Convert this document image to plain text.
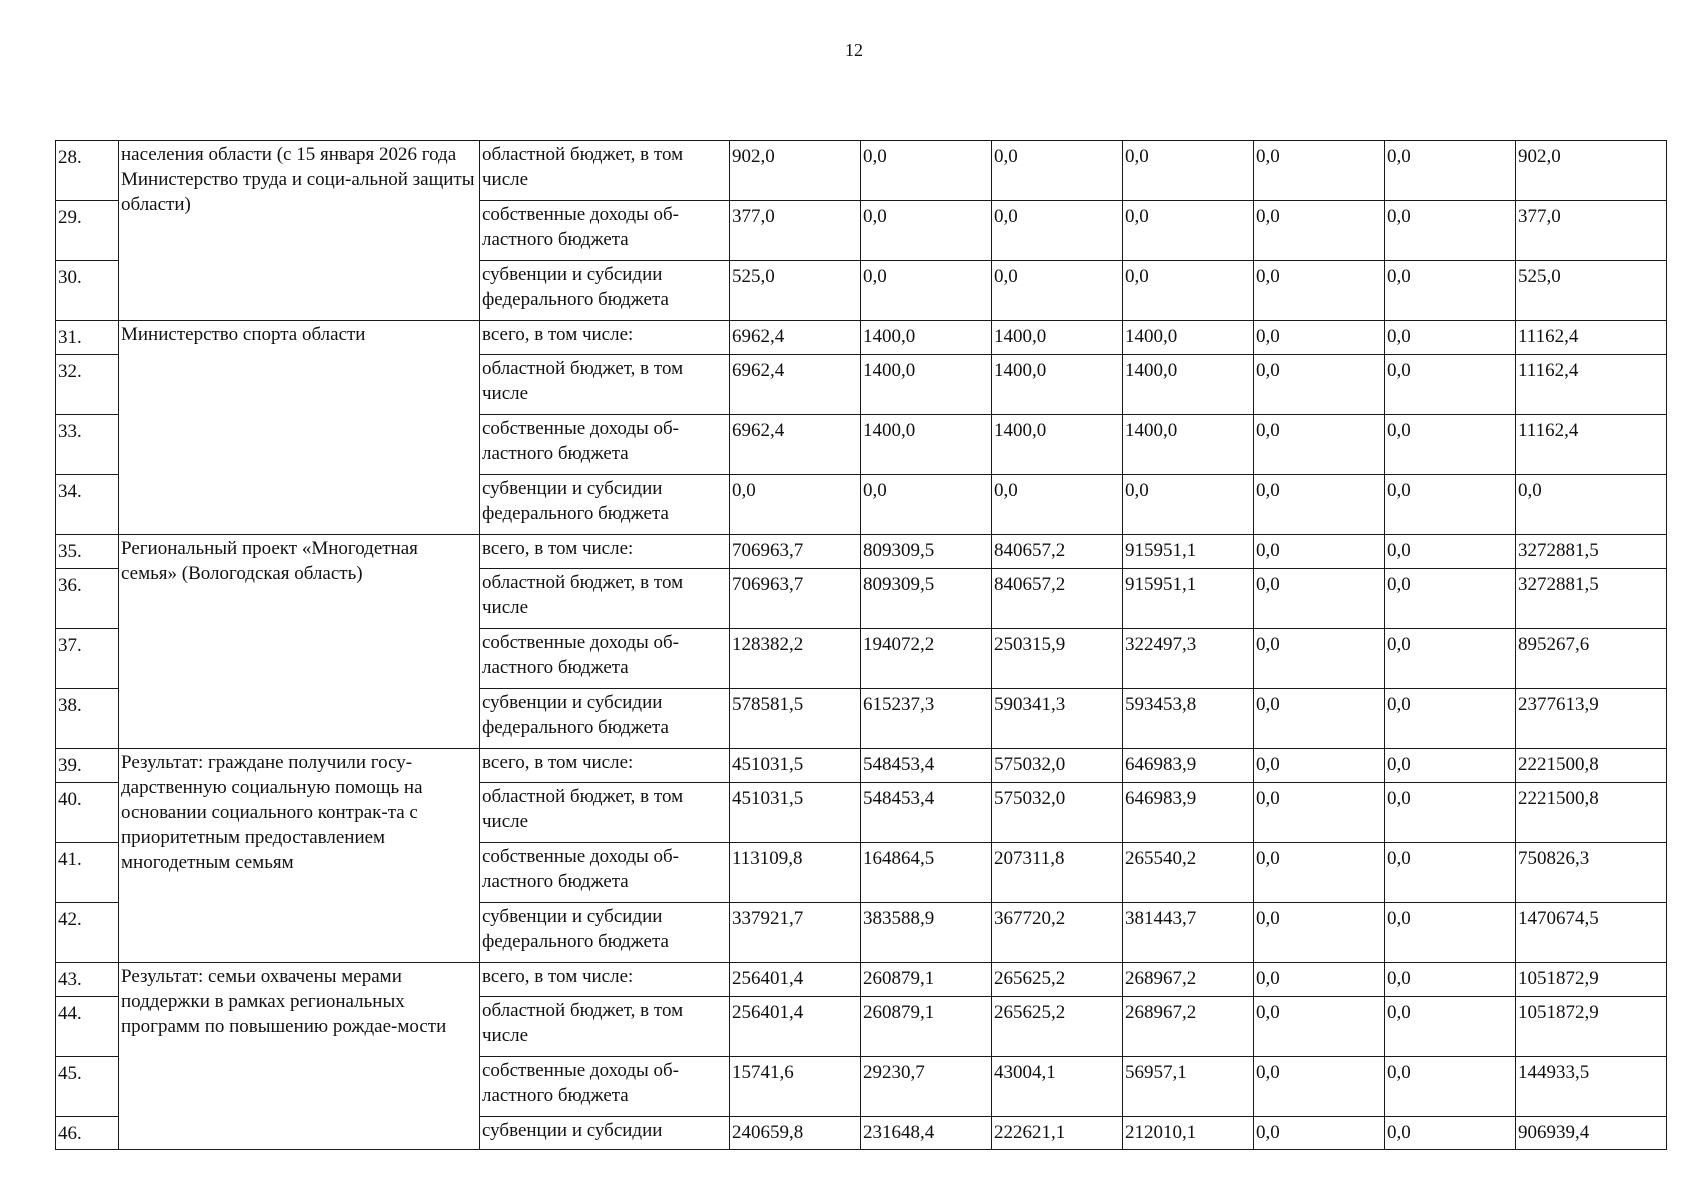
12
28.	населения области (с 15 января 2026 года Министерство труда и соци-альной защиты области)	областной бюджет, в том числе	902,0	0,0	0,0	0,0	0,0	0,0	902,0
29.		собственные доходы об-ластного бюджета	377,0	0,0	0,0	0,0	0,0	0,0	377,0
30.		субвенции и субсидии федерального бюджета	525,0	0,0	0,0	0,0	0,0	0,0	525,0
31.	Министерство спорта области	всего, в том числе:	6962,4	1400,0	1400,0	1400,0	0,0	0,0	11162,4
32.		областной бюджет, в том числе	6962,4	1400,0	1400,0	1400,0	0,0	0,0	11162,4
33.		собственные доходы об-ластного бюджета	6962,4	1400,0	1400,0	1400,0	0,0	0,0	11162,4
34.		субвенции и субсидии федерального бюджета	0,0	0,0	0,0	0,0	0,0	0,0	0,0
35.	Региональный проект «Многодетная семья» (Вологодская область)	всего, в том числе:	706963,7	809309,5	840657,2	915951,1	0,0	0,0	3272881,5
36.		областной бюджет, в том числе	706963,7	809309,5	840657,2	915951,1	0,0	0,0	3272881,5
37.		собственные доходы об-ластного бюджета	128382,2	194072,2	250315,9	322497,3	0,0	0,0	895267,6
38.		субвенции и субсидии федерального бюджета	578581,5	615237,3	590341,3	593453,8	0,0	0,0	2377613,9
39.	Результат: граждане получили госу-дарственную социальную помощь на основании социального контрак-та с приоритетным предоставлением многодетным семьям	всего, в том числе:	451031,5	548453,4	575032,0	646983,9	0,0	0,0	2221500,8
40.		областной бюджет, в том числе	451031,5	548453,4	575032,0	646983,9	0,0	0,0	2221500,8
41.		собственные доходы об-ластного бюджета	113109,8	164864,5	207311,8	265540,2	0,0	0,0	750826,3
42.		субвенции и субсидии федерального бюджета	337921,7	383588,9	367720,2	381443,7	0,0	0,0	1470674,5
43.	Результат: семьи охвачены мерами поддержки в рамках региональных программ по повышению рождае-мости	всего, в том числе:	256401,4	260879,1	265625,2	268967,2	0,0	0,0	1051872,9
44.		областной бюджет, в том числе	256401,4	260879,1	265625,2	268967,2	0,0	0,0	1051872,9
45.		собственные доходы об-ластного бюджета	15741,6	29230,7	43004,1	56957,1	0,0	0,0	144933,5
46.		субвенции и субсидии	240659,8	231648,4	222621,1	212010,1	0,0	0,0	906939,4
